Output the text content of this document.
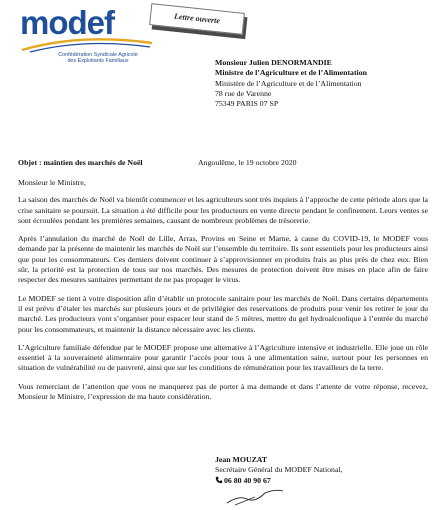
modef
Confédération Syndicale Agricole
des Exploitants Familiaux
Lettre ouverte
Monsieur Julien DENORMANDIE
Ministre de l’Agriculture et de l’Alimentation
Ministère de l’Agriculture et de l’Alimentation
78 rue de Varenne
75349 PARIS 07 SP
Objet : maintien des marchés de Noël	Angoulême, le 19 octobre 2020

Monsieur le Ministre,

La saison des marchés de Noël va bientôt commencer et les agriculteurs sont très inquiets à l’approche de cette période alors que la crise sanitaire se poursuit. La situation a été difficile pour les producteurs en vente directe pendant le confinement. Leurs ventes se sont écroulées pendant les premières semaines, causant de nombreux problèmes de trésorerie.

Après l’annulation du marché de Noël de Lille, Arras, Provins en Seine et Marne, à cause du COVID-19, le MODEF vous demande par la présente de maintenir les marchés de Noël sur l’ensemble du territoire. Ils sont essentiels pour les producteurs ainsi que pour les consommateurs. Ces derniers doivent continuer à s’approvisionner en produits frais au plus près de chez eux. Bien sûr, la priorité est la protection de tous sur nos marchés. Des mesures de protection doivent être mises en place afin de faire respecter des mesures sanitaires permettant de ne pas propager le virus.

Le MODEF se tient à votre disposition afin d’établir un protocole sanitaire pour les marchés de Noël. Dans certains départements il est prévu d’étaler les marchés sur plusieurs jours et de privilégier des reservations de produits pour venir les retirer le jour du marché. Les producteurs vont s’organiser pour espacer leur stand de 5 mètres, mettre du gel hydroalcoolique à l’entrée du marché pour les consommateurs, et maintenir la distance nécessaire avec les clients.

L’Agriculture familiale défendue par le MODEF propose une alternative à l’Agriculture intensive et industrielle. Elle joue un rôle essentiel à la souveraineté alimentaire pour garantir l’accès pour tous à une alimentation saine, surtout pour les personnes en situation de vulnérabilité ou de pauvreté, ainsi que sur les conditions de rémunération pour les travailleurs de la terre.

Vous remerciant de l’attention que vous ne manquerez pas de porter à ma demande et dans l’attente de votre réponse, recevez, Monsieur le Ministre, l’expression de ma haute considération.

Jean MOUZAT
Secrétaire Général du MODEF National,
06 80 40 90 67
